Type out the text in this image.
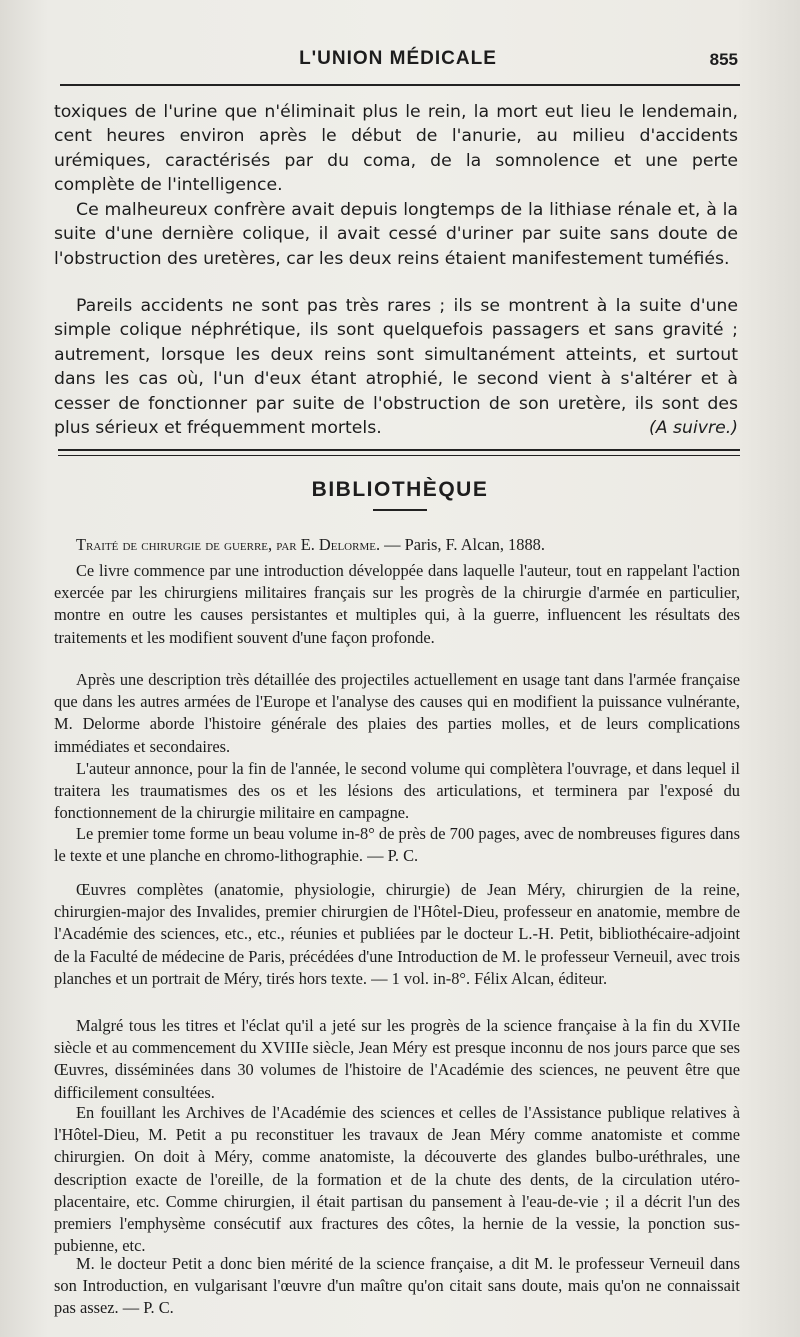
L'UNION MÉDICALE	855

toxiques de l'urine que n'éliminait plus le rein, la mort eut lieu le lendemain, cent heures environ après le début de l'anurie, au milieu d'accidents urémiques, caractérisés par du coma, de la somnolence et une perte complète de l'intelligence.

Ce malheureux confrère avait depuis longtemps de la lithiase rénale et, à la suite d'une dernière colique, il avait cessé d'uriner par suite sans doute de l'obstruction des uretères, car les deux reins étaient manifestement tuméfiés.

Pareils accidents ne sont pas très rares ; ils se montrent à la suite d'une simple colique néphrétique, ils sont quelquefois passagers et sans gravité ; autrement, lorsque les deux reins sont simultanément atteints, et surtout dans les cas où, l'un d'eux étant atrophié, le second vient à s'altérer et à cesser de fonctionner par suite de l'obstruction de son uretère, ils sont des plus sérieux et fréquemment mortels.	(A suivre.)

BIBLIOTHÈQUE

Traité de chirurgie de guerre, par E. Delorme. — Paris, F. Alcan, 1888.

Ce livre commence par une introduction développée dans laquelle l'auteur, tout en rappelant l'action exercée par les chirurgiens militaires français sur les progrès de la chirurgie d'armée en particulier, montre en outre les causes persistantes et multiples qui, à la guerre, influencent les résultats des traitements et les modifient souvent d'une façon profonde.

Après une description très détaillée des projectiles actuellement en usage tant dans l'armée française que dans les autres armées de l'Europe et l'analyse des causes qui en modifient la puissance vulnérante, M. Delorme aborde l'histoire générale des plaies des parties molles, et de leurs complications immédiates et secondaires.

L'auteur annonce, pour la fin de l'année, le second volume qui complètera l'ouvrage, et dans lequel il traitera les traumatismes des os et les lésions des articulations, et terminera par l'exposé du fonctionnement de la chirurgie militaire en campagne.

Le premier tome forme un beau volume in-8° de près de 700 pages, avec de nombreuses figures dans le texte et une planche en chromo-lithographie. — P. C.

Œuvres complètes (anatomie, physiologie, chirurgie) de Jean Méry, chirurgien de la reine, chirurgien-major des Invalides, premier chirurgien de l'Hôtel-Dieu, professeur en anatomie, membre de l'Académie des sciences, etc., etc., réunies et publiées par le docteur L.-H. Petit, bibliothécaire-adjoint de la Faculté de médecine de Paris, précédées d'une Introduction de M. le professeur Verneuil, avec trois planches et un portrait de Méry, tirés hors texte. — 1 vol. in-8°. Félix Alcan, éditeur.

Malgré tous les titres et l'éclat qu'il a jeté sur les progrès de la science française à la fin du XVIIe siècle et au commencement du XVIIIe siècle, Jean Méry est presque inconnu de nos jours parce que ses Œuvres, disséminées dans 30 volumes de l'histoire de l'Académie des sciences, ne peuvent être que difficilement consultées.

En fouillant les Archives de l'Académie des sciences et celles de l'Assistance publique relatives à l'Hôtel-Dieu, M. Petit a pu reconstituer les travaux de Jean Méry comme anatomiste et comme chirurgien. On doit à Méry, comme anatomiste, la découverte des glandes bulbo-uréthrales, une description exacte de l'oreille, de la formation et de la chute des dents, de la circulation utéro-placentaire, etc. Comme chirurgien, il était partisan du pansement à l'eau-de-vie ; il a décrit l'un des premiers l'emphysème consécutif aux fractures des côtes, la hernie de la vessie, la ponction sus-pubienne, etc.

M. le docteur Petit a donc bien mérité de la science française, a dit M. le professeur Verneuil dans son Introduction, en vulgarisant l'œuvre d'un maître qu'on citait sans doute, mais qu'on ne connaissait pas assez. — P. C.
